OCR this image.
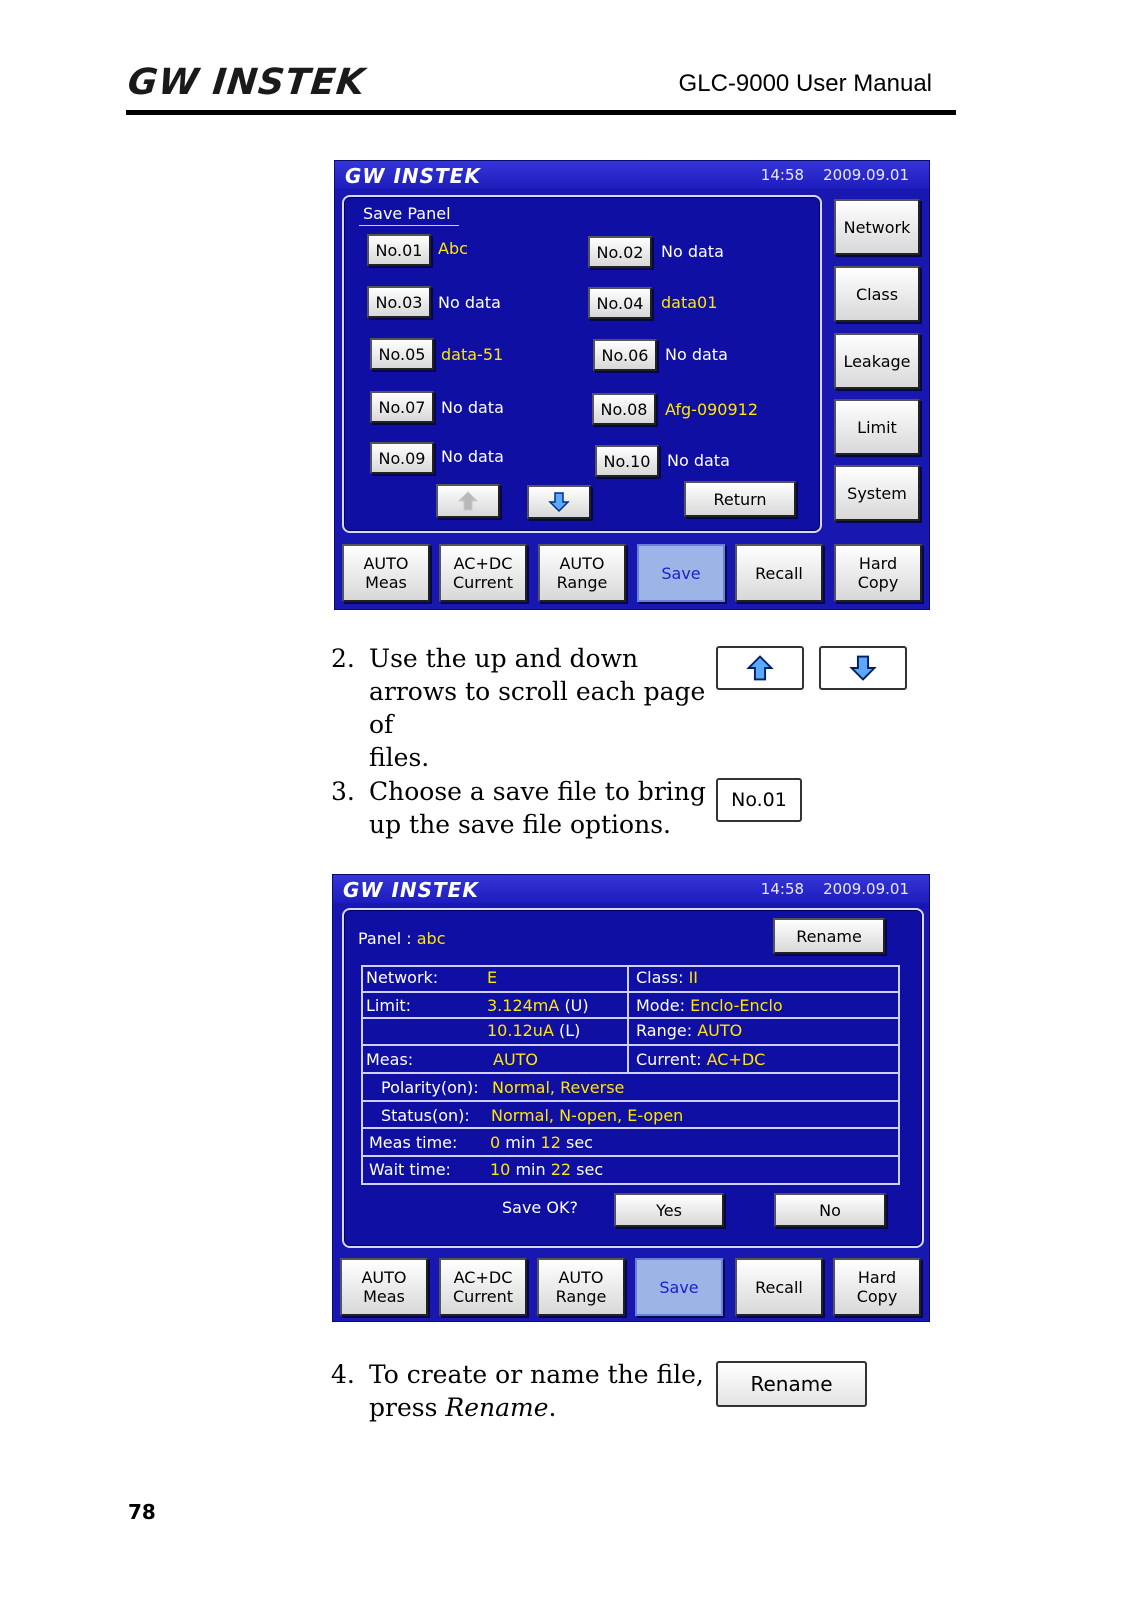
GW INSTEK	GLC-9000 User Manual
GW INSTEK	14:58 2009.09.01
Save Panel
No.01 Abc
No.03 No data
No.05 data-51
No.07 No data
No.09 No data
No.02	No data
No.04	data01
No.06	No data
No.08	Afg-090912
No.10	No data
Return
Network
Class
Leakage
Limit
System
AUTO
Meas
AC+DC
Current
AUTO
Range	Save	Recall	Hard
Copy
2. Use the up and down
arrows to scroll each page of
files.
3. Choose a save file to bring
up the save file options.
No.01
GW INSTEK	14:58 2009.09.01
Panel : abc	Rename
Network:	E	Class: II
Limit:	3.124mA (U)	Mode: Enclo-Enclo
10.12uA (L)	Range: AUTO
Meas:	AUTO	Current: AC+DC
Polarity(on): Normal, Reverse
Status(on): Normal, N-open, E-open
Meas time: 0 min 12 sec
Wait time: 10 min 22 sec
Save OK?	Yes	No
AUTO
Meas
AC+DC
Current
AUTO
Range	Save	Recall	Hard
Copy
4. To create or name the file,
press Rename.
Rename
78
